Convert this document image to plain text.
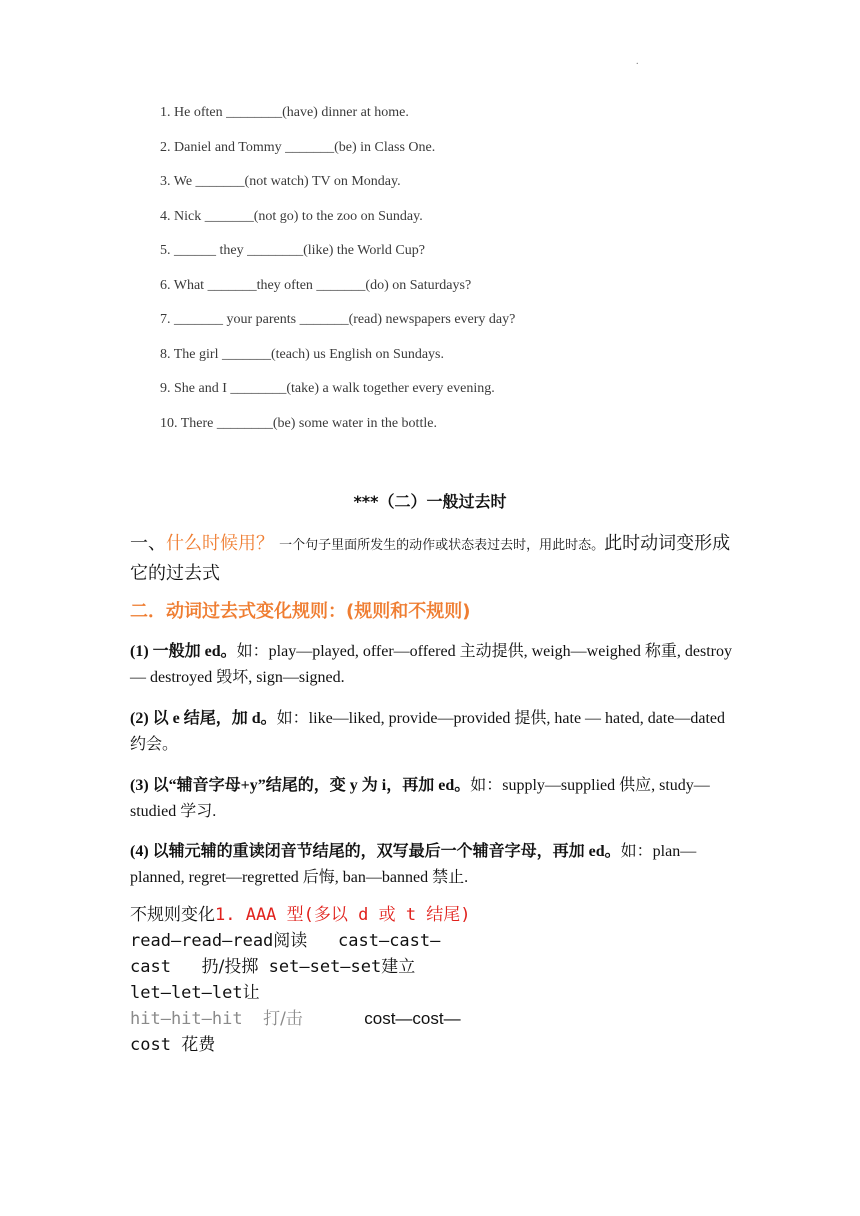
.
1. He often ________(have) dinner at home.
2. Daniel and Tommy _______(be) in Class One.
3. We _______(not watch) TV on Monday.
4. Nick _______(not go) to the zoo on Sunday.
5. ______ they ________(like) the World Cup?
6. What _______they often _______(do) on Saturdays?
7. _______ your parents _______(read) newspapers every day?
8. The girl _______(teach) us English on Sundays.
9. She and I ________(take) a walk together every evening.
10. There ________(be) some water in the bottle.
***（二）一般过去时
一、什么时候用？ 一个句子里面所发生的动作或状态表过去时，用此时态。此时动词变形成它的过去式
二．动词过去式变化规则：(规则和不规则)
(1) 一般加 ed。如：play—played, offer—offered 主动提供, weigh—weighed 称重, destroy— destroyed 毁坏, sign—signed.
(2) 以 e 结尾，加 d。如：like—liked, provide—provided 提供, hate — hated, date—dated 约会。
(3) 以“辅音字母+y”结尾的，变 y 为 i，再加 ed。如：supply—supplied 供应, study—studied 学习.
(4) 以辅元辅的重读闭音节结尾的，双写最后一个辅音字母，再加 ed。如：plan—planned, regret—regretted 后悔, ban—banned 禁止.
不规则变化1. AAA 型(多以 d 或 t 结尾)
read—read—read阅读 cast—cast—
cast 扔/投掷 set—set—set建立
let—let—let让
hit—hit—hit 打/击	cost—cost—
cost 花费
